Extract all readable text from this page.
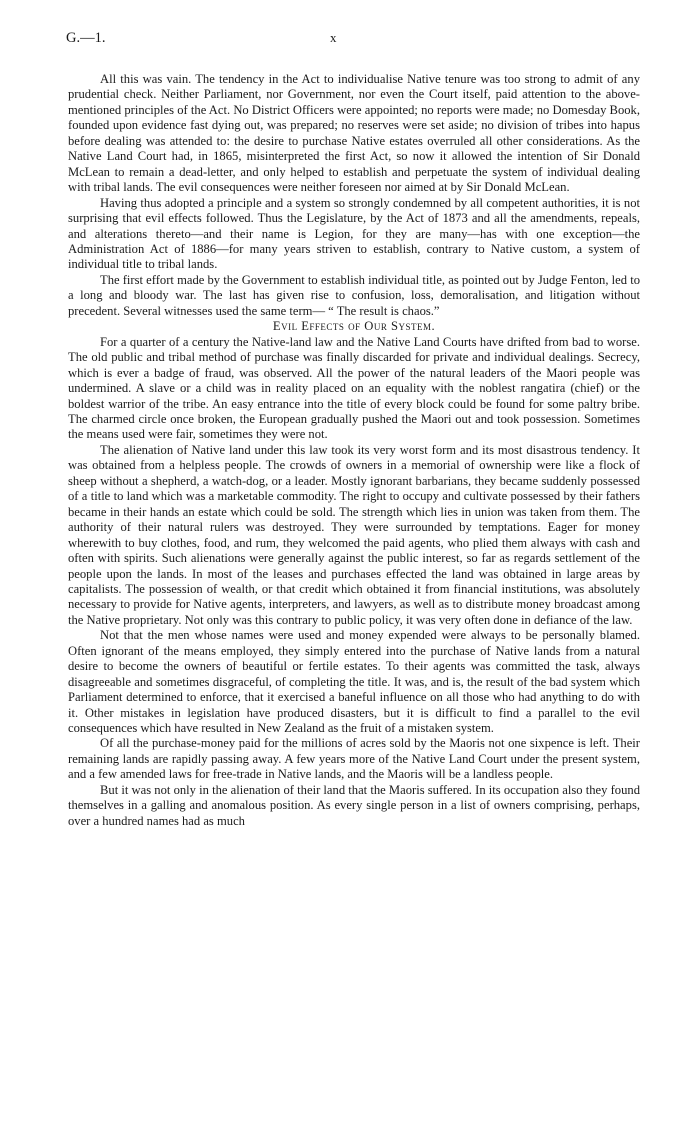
G.—1.	x

All this was vain. The tendency in the Act to individualise Native tenure was too strong to admit of any prudential check. Neither Parliament, nor Government, nor even the Court itself, paid attention to the above-mentioned principles of the Act. No District Officers were appointed; no reports were made; no Domesday Book, founded upon evidence fast dying out, was prepared; no reserves were set aside; no division of tribes into hapus before dealing was attended to: the desire to purchase Native estates overruled all other considerations. As the Native Land Court had, in 1865, misinterpreted the first Act, so now it allowed the intention of Sir Donald McLean to remain a dead-letter, and only helped to establish and perpetuate the system of individual dealing with tribal lands. The evil consequences were neither foreseen nor aimed at by Sir Donald McLean.

Having thus adopted a principle and a system so strongly condemned by all competent authorities, it is not surprising that evil effects followed. Thus the Legislature, by the Act of 1873 and all the amendments, repeals, and alterations thereto—and their name is Legion, for they are many—has with one exception—the Administration Act of 1886—for many years striven to establish, contrary to Native custom, a system of individual title to tribal lands.

The first effort made by the Government to establish individual title, as pointed out by Judge Fenton, led to a long and bloody war. The last has given rise to confusion, loss, demoralisation, and litigation without precedent. Several witnesses used the same term— “ The result is chaos.”

Evil Effects of Our System.

For a quarter of a century the Native-land law and the Native Land Courts have drifted from bad to worse. The old public and tribal method of purchase was finally discarded for private and individual dealings. Secrecy, which is ever a badge of fraud, was observed. All the power of the natural leaders of the Maori people was undermined. A slave or a child was in reality placed on an equality with the noblest rangatira (chief) or the boldest warrior of the tribe. An easy entrance into the title of every block could be found for some paltry bribe. The charmed circle once broken, the European gradually pushed the Maori out and took possession. Sometimes the means used were fair, sometimes they were not.

The alienation of Native land under this law took its very worst form and its most disastrous tendency. It was obtained from a helpless people. The crowds of owners in a memorial of ownership were like a flock of sheep without a shepherd, a watch-dog, or a leader. Mostly ignorant barbarians, they became suddenly possessed of a title to land which was a marketable commodity. The right to occupy and cultivate possessed by their fathers became in their hands an estate which could be sold. The strength which lies in union was taken from them. The authority of their natural rulers was destroyed. They were surrounded by temptations. Eager for money wherewith to buy clothes, food, and rum, they welcomed the paid agents, who plied them always with cash and often with spirits. Such alienations were generally against the public interest, so far as regards settlement of the people upon the lands. In most of the leases and purchases effected the land was obtained in large areas by capitalists. The possession of wealth, or that credit which obtained it from financial institutions, was absolutely necessary to provide for Native agents, interpreters, and lawyers, as well as to distribute money broadcast among the Native proprietary. Not only was this contrary to public policy, it was very often done in defiance of the law.

Not that the men whose names were used and money expended were always to be personally blamed. Often ignorant of the means employed, they simply entered into the purchase of Native lands from a natural desire to become the owners of beautiful or fertile estates. To their agents was committed the task, always disagreeable and sometimes disgraceful, of completing the title. It was, and is, the result of the bad system which Parliament determined to enforce, that it exercised a baneful influence on all those who had anything to do with it. Other mistakes in legislation have produced disasters, but it is difficult to find a parallel to the evil consequences which have resulted in New Zealand as the fruit of a mistaken system.

Of all the purchase-money paid for the millions of acres sold by the Maoris not one sixpence is left. Their remaining lands are rapidly passing away. A few years more of the Native Land Court under the present system, and a few amended laws for free-trade in Native lands, and the Maoris will be a landless people.

But it was not only in the alienation of their land that the Maoris suffered. In its occupation also they found themselves in a galling and anomalous position. As every single person in a list of owners comprising, perhaps, over a hundred names had as much
